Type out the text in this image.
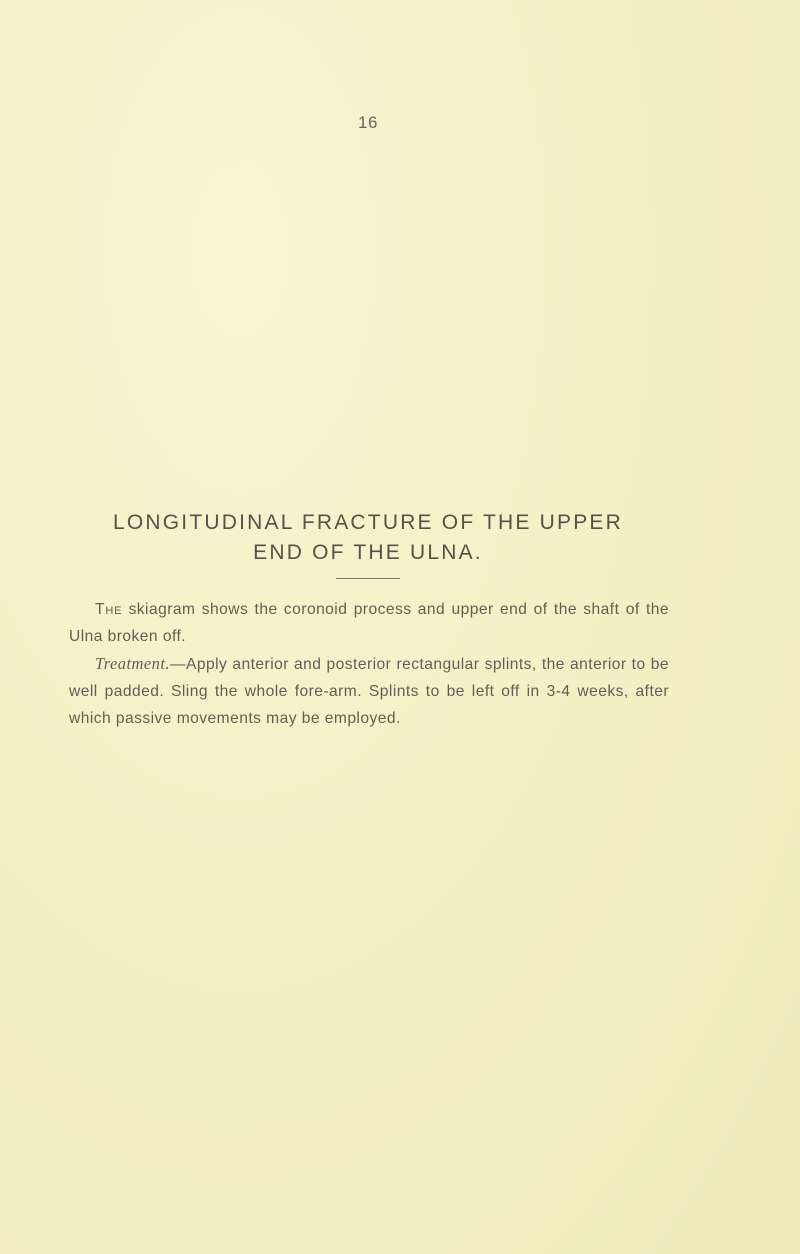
16
LONGITUDINAL FRACTURE OF THE UPPER
END OF THE ULNA.

The skiagram shows the coronoid process and upper end of the shaft of the Ulna broken off.

Treatment.—Apply anterior and posterior rectangular splints, the anterior to be well padded. Sling the whole fore-arm. Splints to be left off in 3-4 weeks, after which passive movements may be employed.
